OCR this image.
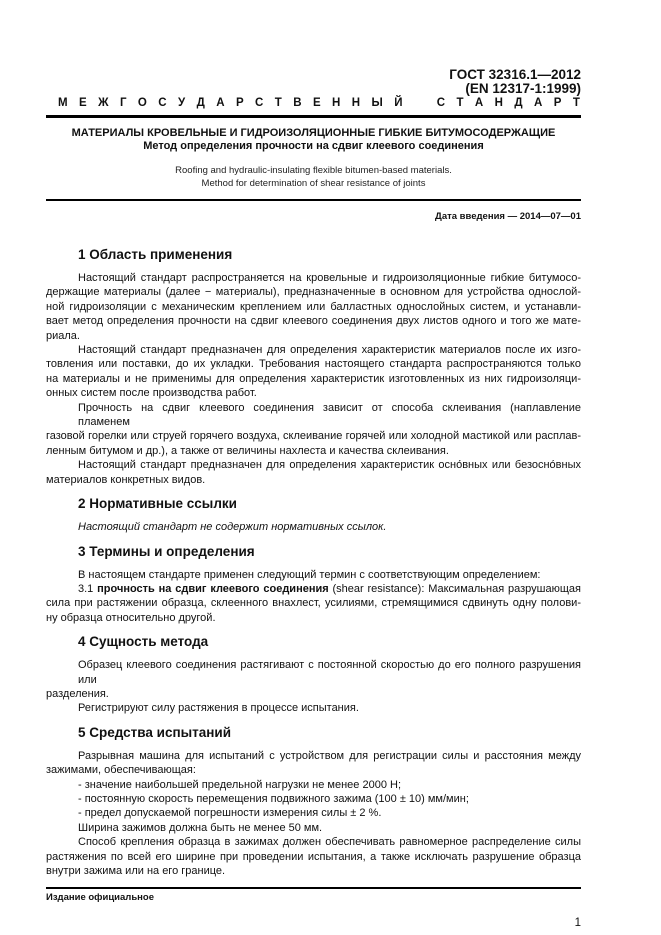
ГОСТ 32316.1—2012
(EN 12317-1:1999)
М Е Ж Г О С У Д А Р С Т В Е Н Н Ы Й	С Т А Н Д А Р Т
МАТЕРИАЛЫ КРОВЕЛЬНЫЕ И ГИДРОИЗОЛЯЦИОННЫЕ ГИБКИЕ БИТУМОСОДЕРЖАЩИЕ
Метод определения прочности на сдвиг клеевого соединения
Roofing and hydraulic-insulating flexible bitumen-based materials.
Method for determination of shear resistance of joints
Дата введения — 2014—07—01
1 Область применения
Настоящий стандарт распространяется на кровельные и гидроизоляционные гибкие битумосо-
держащие материалы (далее − материалы), предназначенные в основном для устройства однослой-
ной гидроизоляции с механическим креплением или балластных однослойных систем, и устанавли-
вает метод определения прочности на сдвиг клеевого соединения двух листов одного и того же мате-
риала.
Настоящий стандарт предназначен для определения характеристик материалов после их изго-
товления или поставки, до их укладки. Требования настоящего стандарта распространяются только
на материалы и не применимы для определения характеристик изготовленных из них гидроизоляци-
онных систем после производства работ.
Прочность на сдвиг клеевого соединения зависит от способа склеивания (наплавление пламенем
газовой горелки или струей горячего воздуха, склеивание горячей или холодной мастикой или расплав-
ленным битумом и др.), а также от величины нахлеста и качества склеивания.
Настоящий стандарт предназначен для определения характеристик осно́вных или безосно́вных
материалов конкретных видов.
2 Нормативные ссылки
Настоящий стандарт не содержит нормативных ссылок.
3 Термины и определения
В настоящем стандарте применен следующий термин с соответствующим определением:
3.1 прочность на сдвиг клеевого соединения (shear resistance): Максимальная разрушающая
сила при растяжении образца, склеенного внахлест, усилиями, стремящимися сдвинуть одну полови-
ну образца относительно другой.
4 Сущность метода
Образец клеевого соединения растягивают с постоянной скоростью до его полного разрушения или
разделения.
Регистрируют силу растяжения в процессе испытания.
5 Средства испытаний
Разрывная машина для испытаний с устройством для регистрации силы и расстояния между
зажимами, обеспечивающая:
- значение наибольшей предельной нагрузки не менее 2000 Н;
- постоянную скорость перемещения подвижного зажима (100 ± 10) мм/мин;
- предел допускаемой погрешности измерения силы ± 2 %.
Ширина зажимов должна быть не менее 50 мм.
Способ крепления образца в зажимах должен обеспечивать равномерное распределение силы
растяжения по всей его ширине при проведении испытания, а также исключать разрушение образца
внутри зажима или на его границе.
Издание официальное
1
